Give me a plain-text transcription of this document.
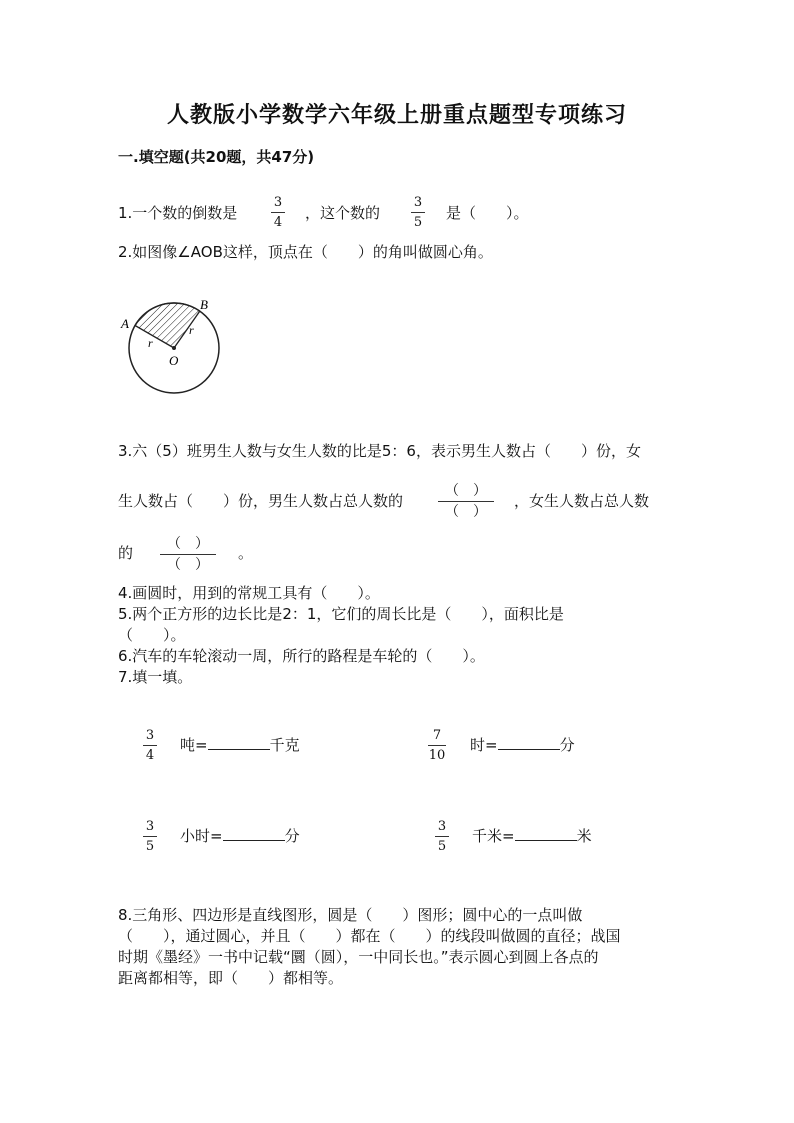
人教版小学数学六年级上册重点题型专项练习
一.填空题(共20题，共47分)
1.一个数的倒数是
3
4
，这个数的
3
5
是（　　）。
2.如图像∠AOB这样，顶点在（　　）的角叫做圆心角。
A
B
O
r
r
3.六（5）班男生人数与女生人数的比是5：6，表示男生人数占（　　）份，女
生人数占（　　）份，男生人数占总人数的
（　）
（　）
，女生人数占总人数
的	（　）
（　）
。
4.画圆时，用到的常规工具有（　　）。
5.两个正方形的边长比是2：1，它们的周长比是（　　），面积比是
（　　）。
6.汽车的车轮滚动一周，所行的路程是车轮的（　　）。
7.填一填。
3
4
吨=	千克
7
10
时=	分
3
5
小时=	分
3
5
千米=	米
8.三角形、四边形是直线图形，圆是（　　）图形；圆中心的一点叫做
（　　），通过圆心，并且（　　）都在（　　）的线段叫做圆的直径；战国
时期《墨经》一书中记载“圜（圆），一中同长也。”表示圆心到圆上各点的
距离都相等，即（　　）都相等。
